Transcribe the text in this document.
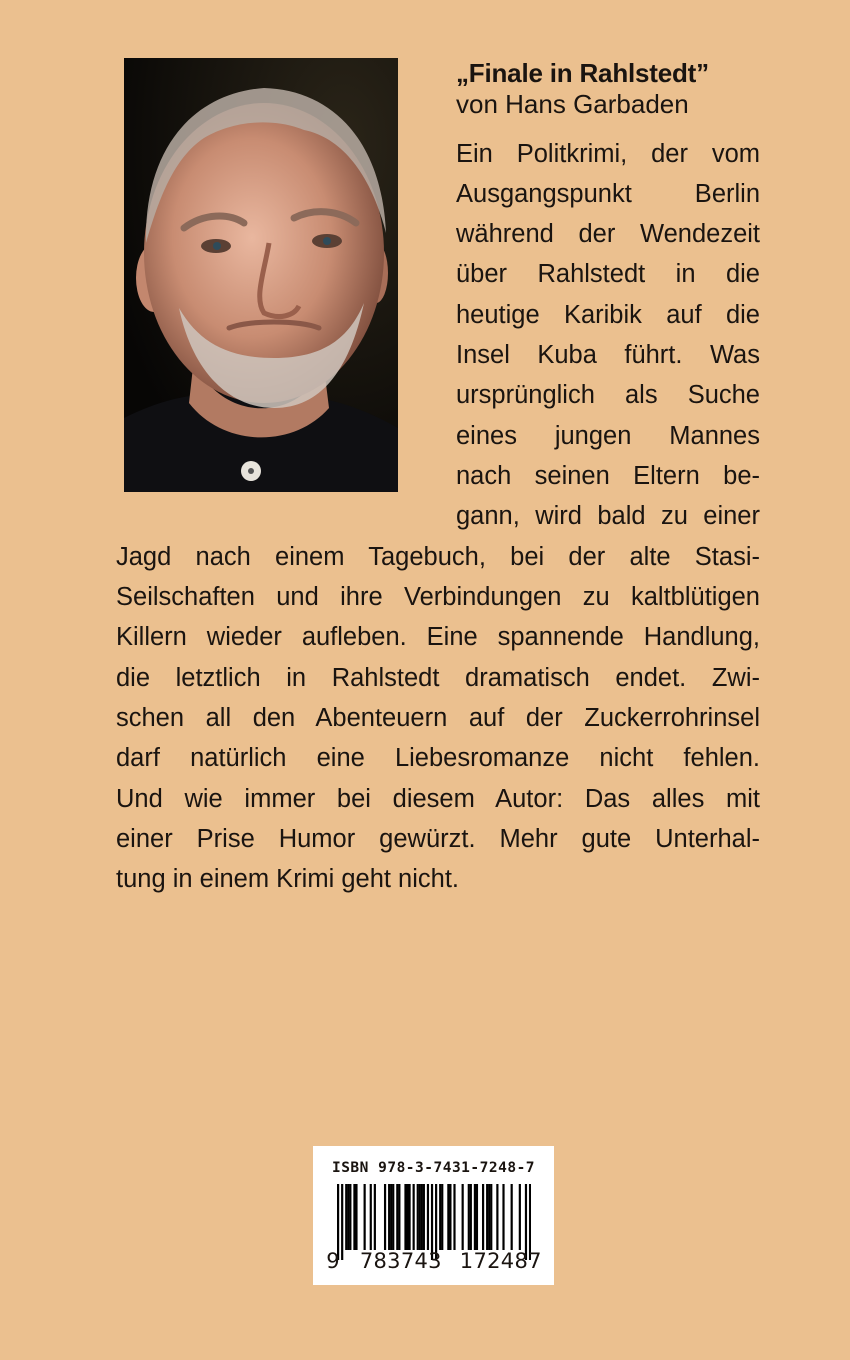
„Finale in Rahlstedt”

von Hans Garbaden

Ein Politkrimi, der vom
Ausgangspunkt Berlin
während der Wendezeit
über Rahlstedt in die
heutige Karibik auf die
Insel Kuba führt. Was
ursprünglich als Suche
eines jungen Mannes
nach seinen Eltern be-
gann, wird bald zu einer
Jagd nach einem Tagebuch, bei der alte Stasi-
Seilschaften und ihre Verbindungen zu kaltblütigen
Killern wieder aufleben. Eine spannende Handlung,
die letztlich in Rahlstedt dramatisch endet. Zwi-
schen all den Abenteuern auf der Zuckerrohrinsel
darf natürlich eine Liebesromanze nicht fehlen.
Und wie immer bei diesem Autor: Das alles mit
einer Prise Humor gewürzt. Mehr gute Unterhal-
tung in einem Krimi geht nicht.
ISBN 978-3-7431-7248-7
9 783743 172487
